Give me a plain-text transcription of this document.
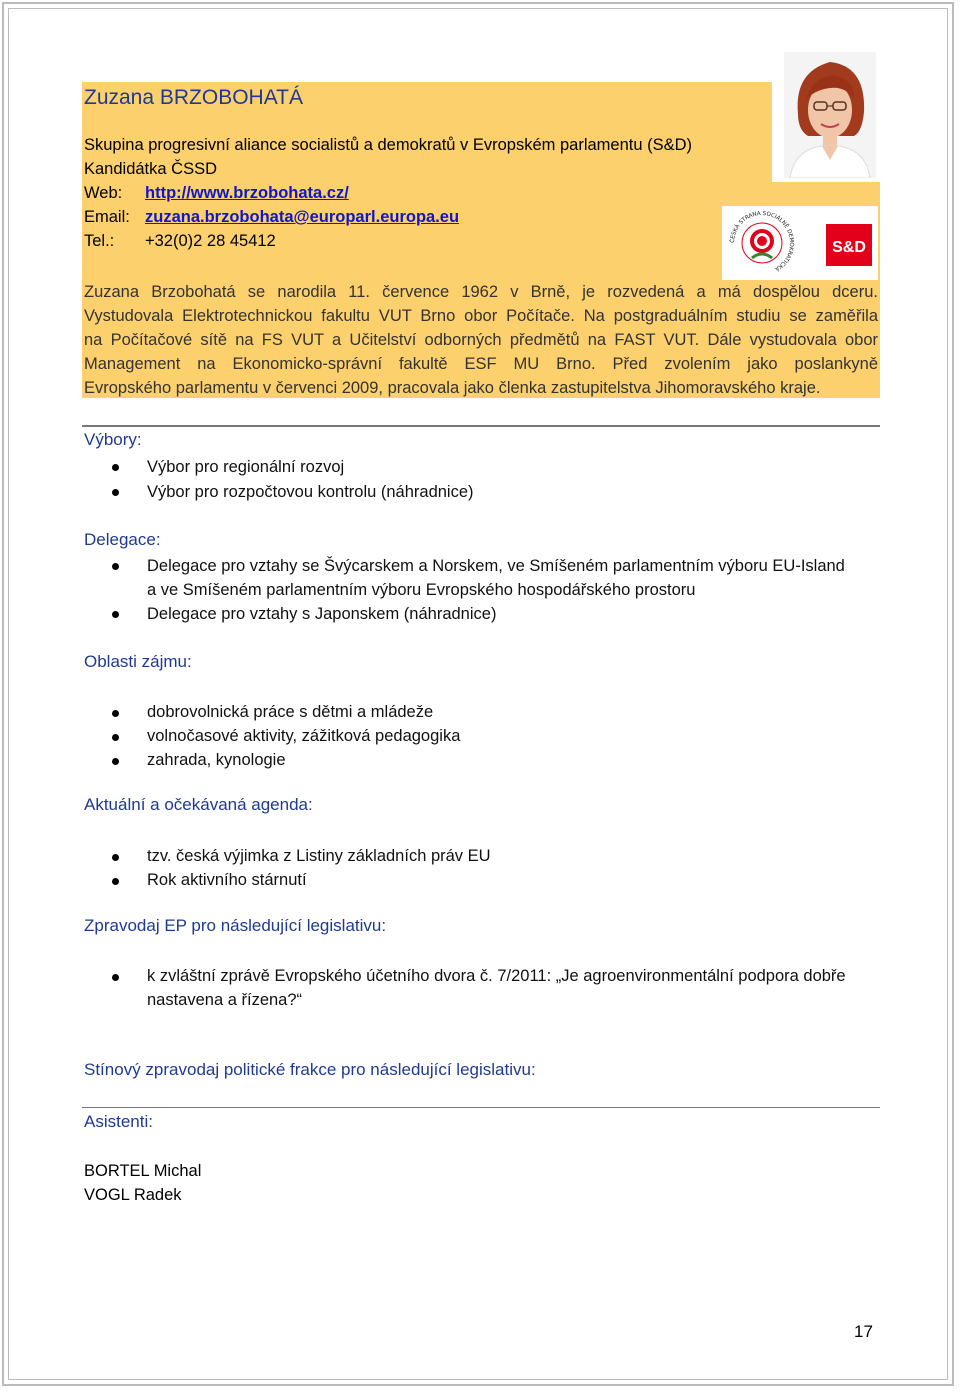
Zuzana BRZOBOHATÁ
Skupina progresivní aliance socialistů a demokratů v Evropském parlamentu (S&D)
Kandidátka ČSSD
Web: http://www.brzobohata.cz/
Email: zuzana.brzobohata@europarl.europa.eu
Tel.: +32(0)2 28 45412	ČESKÁ STRANA SOCIÁLNĚ DEMOKRATICKÁ
S&D

Zuzana Brzobohatá se narodila 11. července 1962 v Brně, je rozvedená a má dospělou dceru.

Vystudovala Elektrotechnickou fakultu VUT Brno obor Počítače. Na postgraduálním studiu se zaměřila

na Počítačové sítě na FS VUT a Učitelství odborných předmětů na FAST VUT. Dále vystudovala obor

Management na Ekonomicko-správní fakultě ESF MU Brno. Před zvolením jako poslankyně

Evropského parlamentu v červenci 2009, pracovala jako členka zastupitelstva Jihomoravského kraje.

Výbory:
Výbor pro regionální rozvoj
Výbor pro rozpočtovou kontrolu (náhradnice)
Delegace:
Delegace pro vztahy se Švýcarskem a Norskem, ve Smíšeném parlamentním výboru EU-Island
a ve Smíšeném parlamentním výboru Evropského hospodářského prostoru
Delegace pro vztahy s Japonskem (náhradnice)
Oblasti zájmu:
dobrovolnická práce s dětmi a mládeže
volnočasové aktivity, zážitková pedagogika
zahrada, kynologie
Aktuální a očekávaná agenda:
tzv. česká výjimka z Listiny základních práv EU
Rok aktivního stárnutí
Zpravodaj EP pro následující legislativu:
k zvláštní zprávě Evropského účetního dvora č. 7/2011: „Je agroenvironmentální podpora dobře
nastavena a řízena?“
Stínový zpravodaj politické frakce pro následující legislativu:
Asistenti:
BORTEL Michal
VOGL Radek
17
